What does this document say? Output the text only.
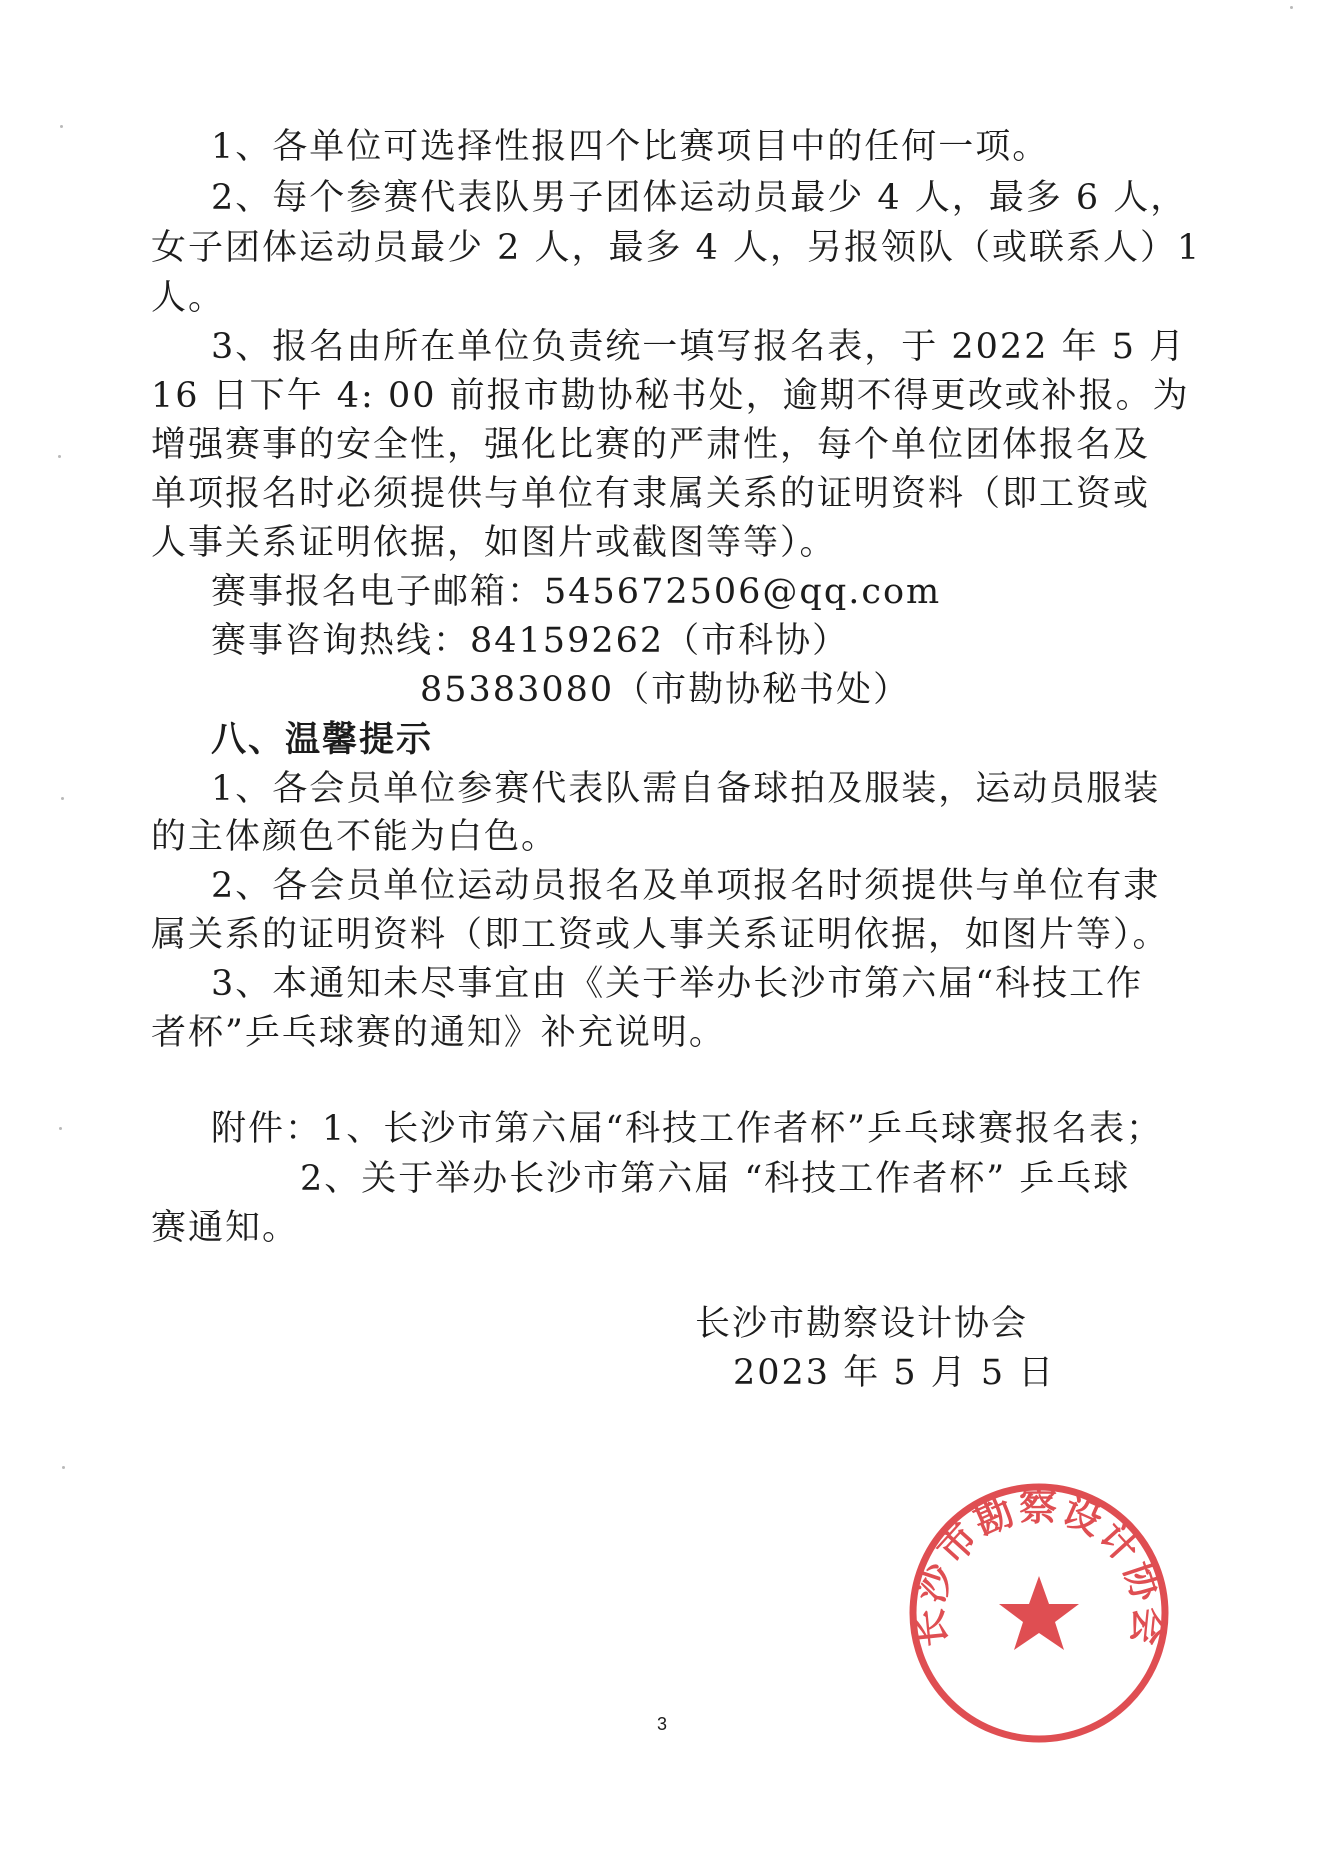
1、各单位可选择性报四个比赛项目中的任何一项。
2、每个参赛代表队男子团体运动员最少 4 人，最多 6 人，
女子团体运动员最少 2 人，最多 4 人，另报领队（或联系人）1
人。
3、报名由所在单位负责统一填写报名表，于 2022 年 5 月
16 日下午 4: 00 前报市勘协秘书处，逾期不得更改或补报。为
增强赛事的安全性，强化比赛的严肃性，每个单位团体报名及
单项报名时必须提供与单位有隶属关系的证明资料（即工资或
人事关系证明依据，如图片或截图等等）。
赛事报名电子邮箱：545672506@qq.com
赛事咨询热线：84159262（市科协）
85383080（市勘协秘书处）
八、温馨提示
1、各会员单位参赛代表队需自备球拍及服装，运动员服装
的主体颜色不能为白色。
2、各会员单位运动员报名及单项报名时须提供与单位有隶
属关系的证明资料（即工资或人事关系证明依据，如图片等）。
3、本通知未尽事宜由《关于举办长沙市第六届“科技工作
者杯”乒乓球赛的通知》补充说明。
附件：1、长沙市第六届“科技工作者杯”乒乓球赛报名表；
2、关于举办长沙市第六届 “科技工作者杯” 乒乓球
赛通知。
长沙市勘察设计协会
长沙市勘察设计协会
2023 年 5 月 5 日
3
